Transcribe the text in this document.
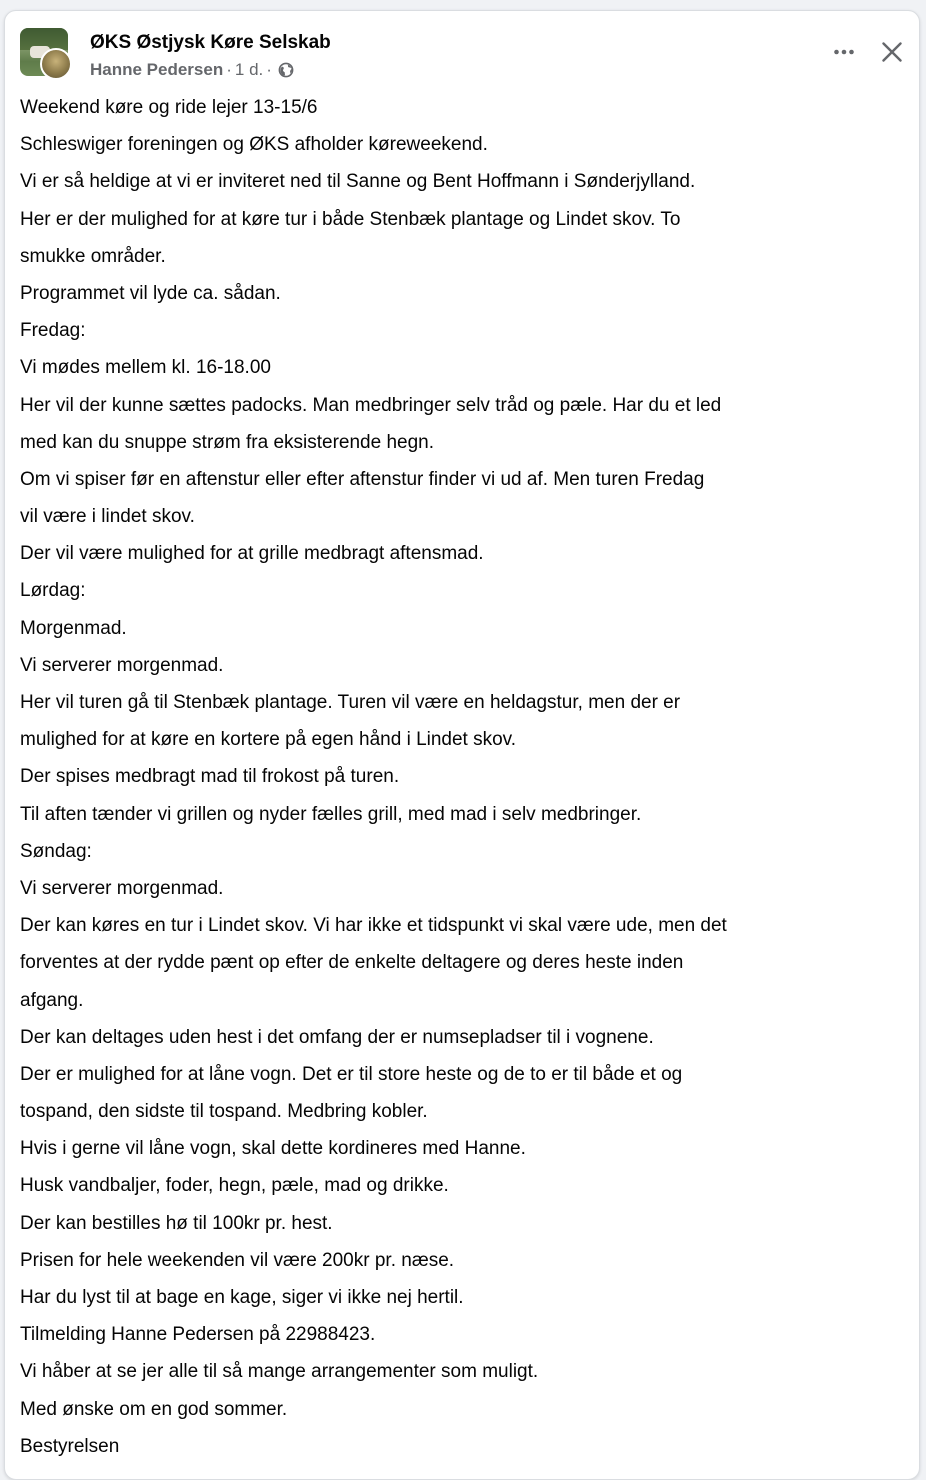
ØKS Østjysk Køre Selskab
Hanne Pedersen · 1 d. ·
Weekend køre og ride lejer 13-15/6
Schleswiger foreningen og ØKS afholder køreweekend.
Vi er så heldige at vi er inviteret ned til Sanne og Bent Hoffmann i Sønderjylland.
Her er der mulighed for at køre tur i både Stenbæk plantage og Lindet skov. To
smukke områder.
Programmet vil lyde ca. sådan.
Fredag:
Vi mødes mellem kl. 16-18.00
Her vil der kunne sættes padocks. Man medbringer selv tråd og pæle. Har du et led
med kan du snuppe strøm fra eksisterende hegn.
Om vi spiser før en aftenstur eller efter aftenstur finder vi ud af. Men turen Fredag
vil være i lindet skov.
Der vil være mulighed for at grille medbragt aftensmad.
Lørdag:
Morgenmad.
Vi serverer morgenmad.
Her vil turen gå til Stenbæk plantage. Turen vil være en heldagstur, men der er
mulighed for at køre en kortere på egen hånd i Lindet skov.
Der spises medbragt mad til frokost på turen.
Til aften tænder vi grillen og nyder fælles grill, med mad i selv medbringer.
Søndag:
Vi serverer morgenmad.
Der kan køres en tur i Lindet skov. Vi har ikke et tidspunkt vi skal være ude, men det
forventes at der rydde pænt op efter de enkelte deltagere og deres heste inden
afgang.
Der kan deltages uden hest i det omfang der er numsepladser til i vognene.
Der er mulighed for at låne vogn. Det er til store heste og de to er til både et og
tospand, den sidste til tospand. Medbring kobler.
Hvis i gerne vil låne vogn, skal dette kordineres med Hanne.
Husk vandbaljer, foder, hegn, pæle, mad og drikke.
Der kan bestilles hø til 100kr pr. hest.
Prisen for hele weekenden vil være 200kr pr. næse.
Har du lyst til at bage en kage, siger vi ikke nej hertil.
Tilmelding Hanne Pedersen på 22988423.
Vi håber at se jer alle til så mange arrangementer som muligt.
Med ønske om en god sommer.
Bestyrelsen
